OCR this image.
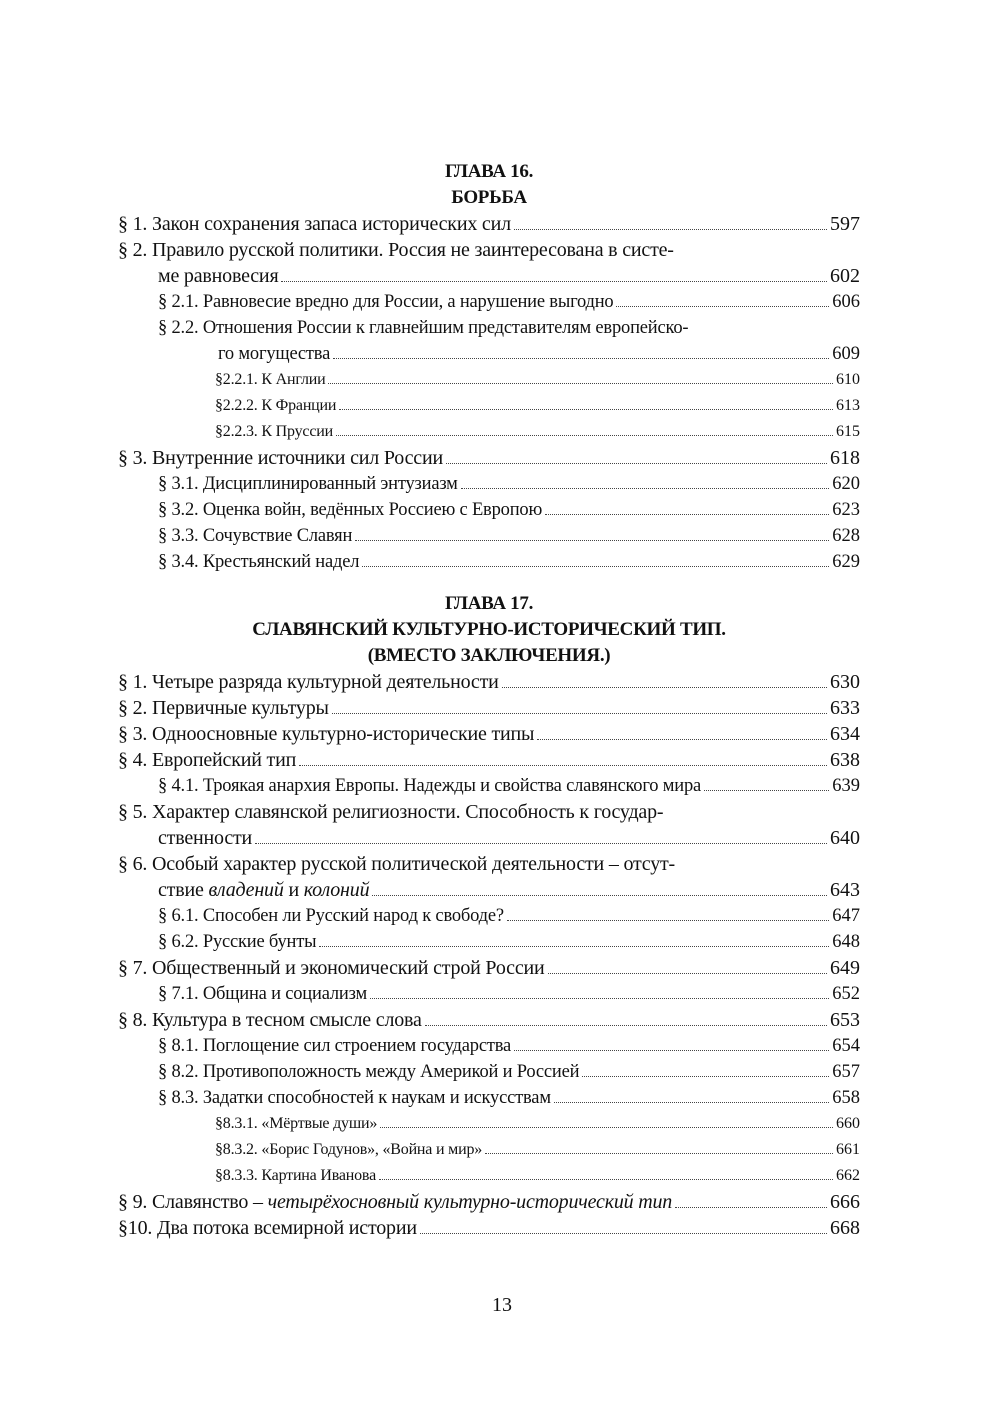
ГЛАВА 16.
БОРЬБА
§ 1. Закон сохранения запаса исторических сил	597
§ 2. Правило русской политики. Россия не заинтересована в систе-
ме равновесия	602
§ 2.1. Равновесие вредно для России, а нарушение выгодно	606
§ 2.2. Отношения России к главнейшим представителям европейско-
го могущества	609
§2.2.1. К Англии	610
§2.2.2. К Франции	613
§2.2.3. К Пруссии	615
§ 3. Внутренние источники сил России	618
§ 3.1. Дисциплинированный энтузиазм	620
§ 3.2. Оценка войн, ведённых Россиею с Европою	623
§ 3.3. Сочувствие Славян	628
§ 3.4. Крестьянский надел	629
ГЛАВА 17.
СЛАВЯНСКИЙ КУЛЬТУРНО-ИСТОРИЧЕСКИЙ ТИП.
(ВМЕСТО ЗАКЛЮЧЕНИЯ.)
§ 1. Четыре разряда культурной деятельности	630
§ 2. Первичные культуры	633
§ 3. Одноосновные культурно-исторические типы	634
§ 4. Европейский тип	638
§ 4.1. Троякая анархия Европы. Надежды и свойства славянского мира	639
§ 5. Характер славянской религиозности. Способность к государ-
ственности	640
§ 6. Особый характер русской политической деятельности – отсут-
ствие владений и колоний	643
§ 6.1. Способен ли Русский народ к свободе?	647
§ 6.2. Русские бунты	648
§ 7. Общественный и экономический строй России	649
§ 7.1. Община и социализм	652
§ 8. Культура в тесном смысле слова	653
§ 8.1. Поглощение сил строением государства	654
§ 8.2. Противоположность между Америкой и Россией	657
§ 8.3. Задатки способностей к наукам и искусствам	658
§8.3.1. «Мёртвые души»	660
§8.3.2. «Борис Годунов», «Война и мир»	661
§8.3.3. Картина Иванова	662
§ 9. Славянство – четырёхосновный культурно-исторический тип	666
§10. Два потока всемирной истории	668
13
